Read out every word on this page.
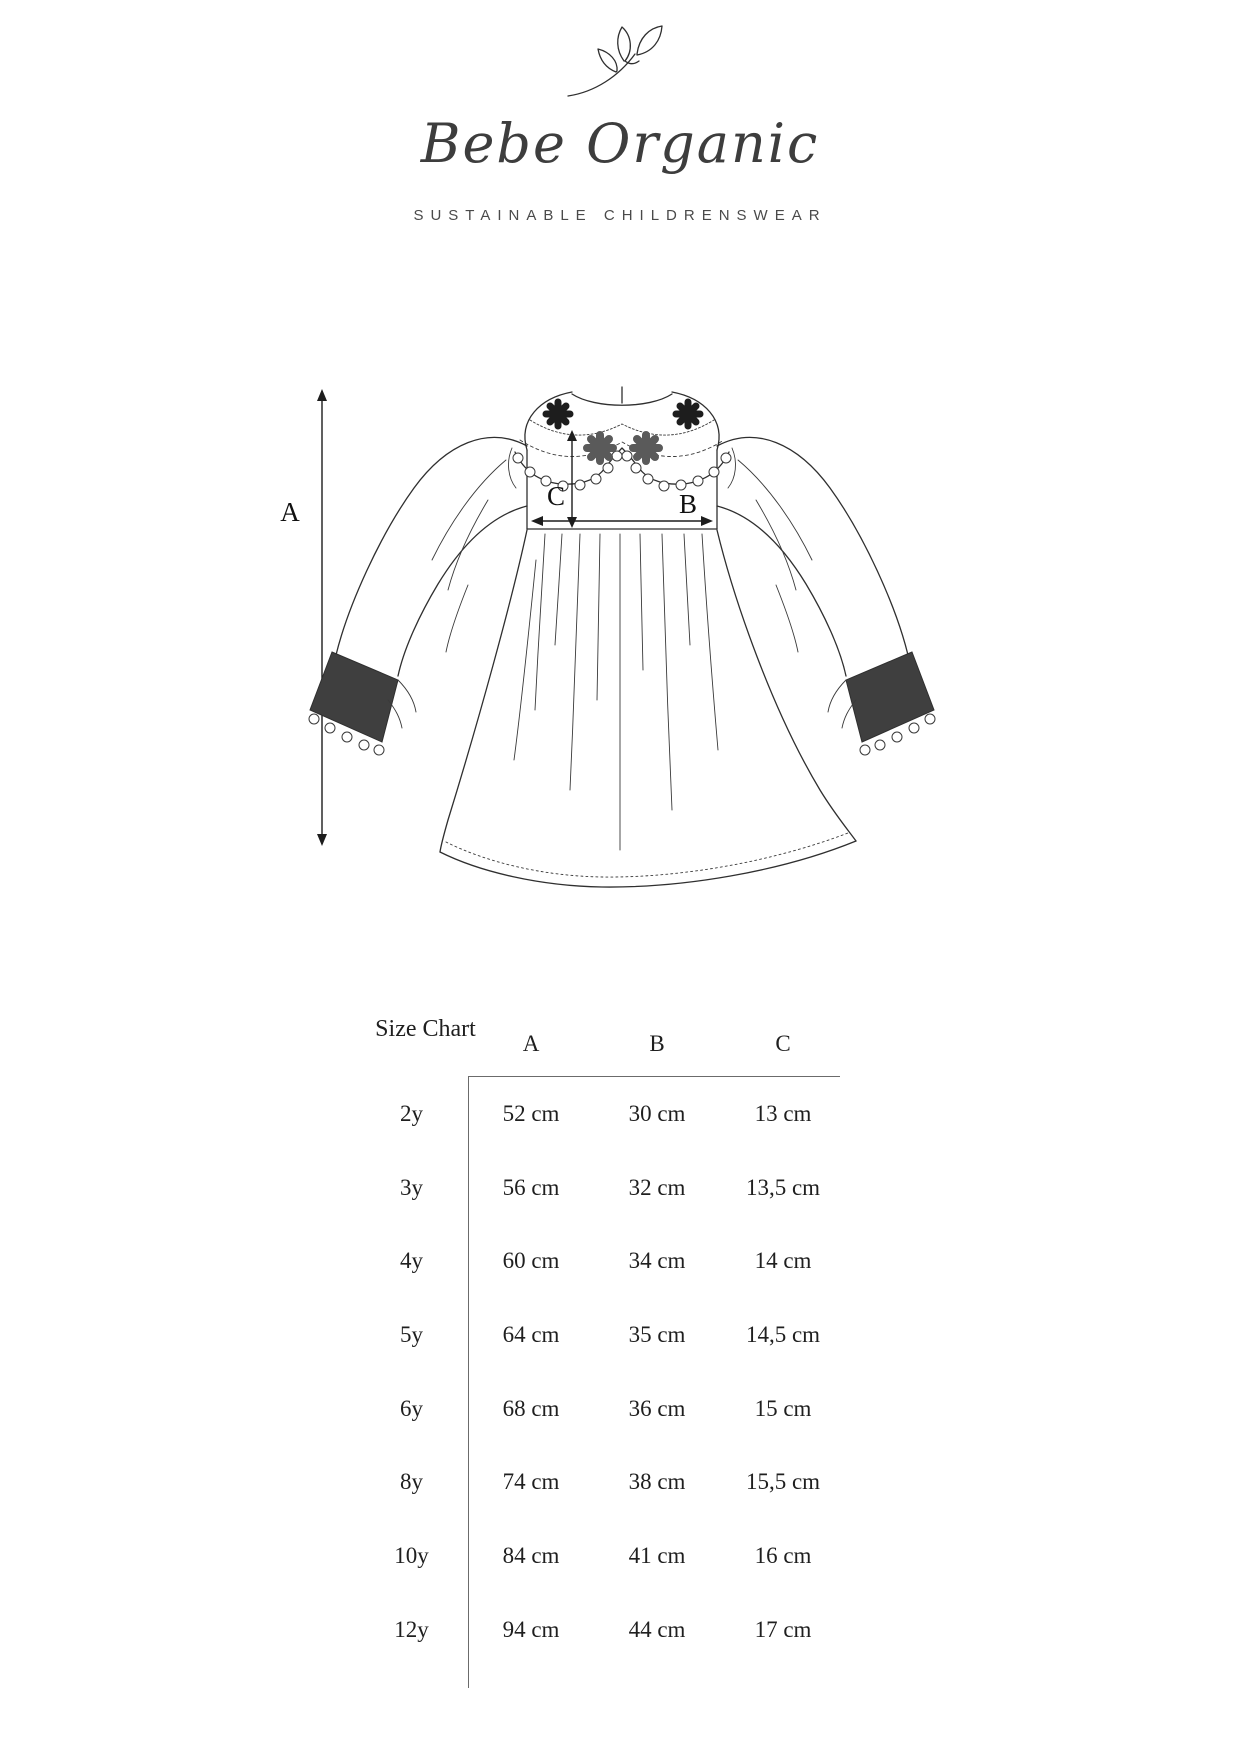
Bebe Organic
SUSTAINABLE CHILDRENSWEAR
A
C	B
Size Chart
A	B	C
2y	52 cm	30 cm	13 cm
3y	56 cm	32 cm	13,5 cm
4y	60 cm	34 cm	14 cm
5y	64 cm	35 cm	14,5 cm
6y	68 cm	36 cm	15 cm
8y	74 cm	38 cm	15,5 cm
10y	84 cm	41 cm	16 cm
12y	94 cm	44 cm	17 cm
